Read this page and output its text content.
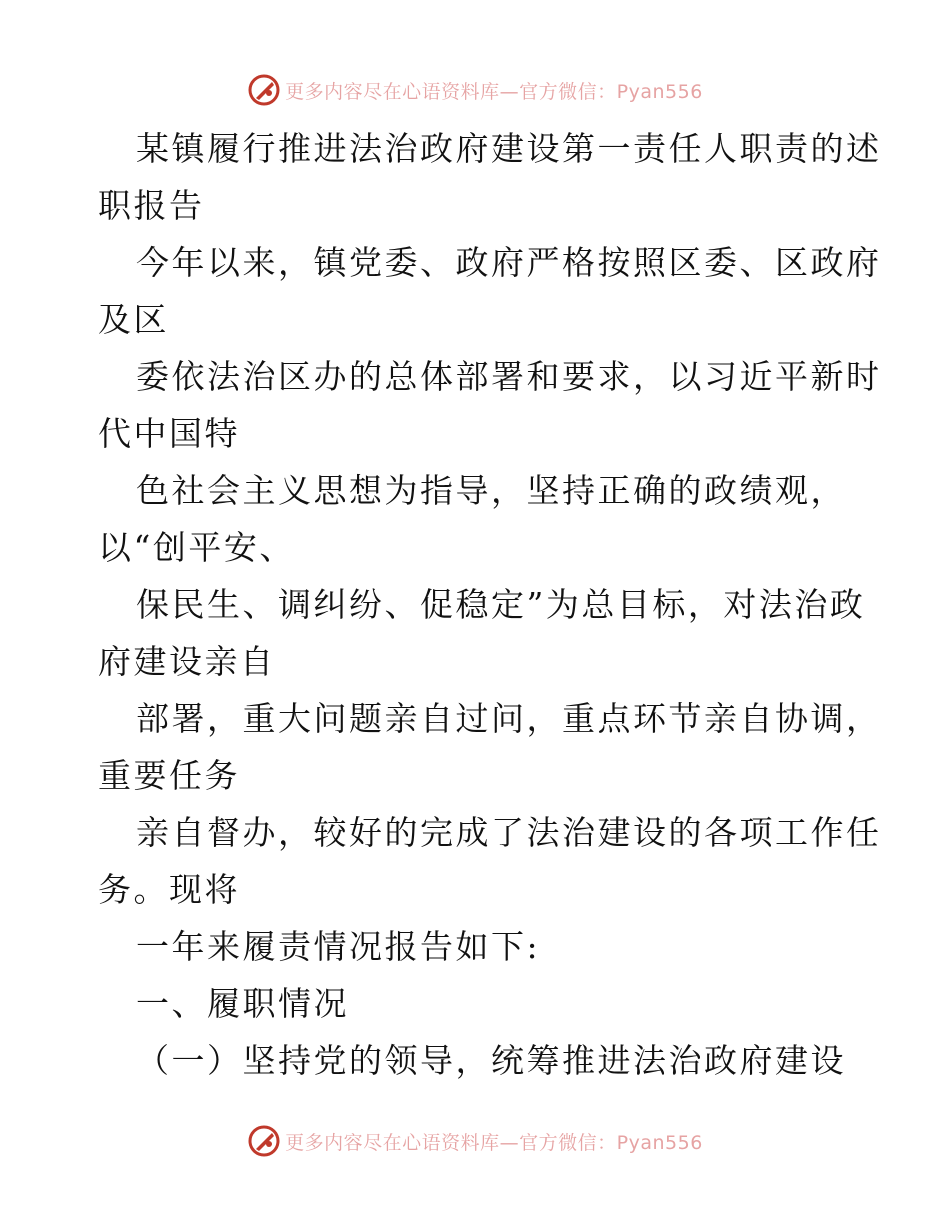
更多内容尽在心语资料库—官方微信：Pyan556

某镇履行推进法治政府建设第一责任人职责的述

职报告

今年以来，镇党委、政府严格按照区委、区政府

及区

委依法治区办的总体部署和要求，以习近平新时

代中国特

色社会主义思想为指导，坚持正确的政绩观，

以“创平安、

保民生、调纠纷、促稳定”为总目标，对法治政

府建设亲自

部署，重大问题亲自过问，重点环节亲自协调，

重要任务

亲自督办，较好的完成了法治建设的各项工作任

务。现将

一年来履责情况报告如下:

一、履职情况

（一）坚持党的领导，统筹推进法治政府建设

更多内容尽在心语资料库—官方微信：Pyan556
